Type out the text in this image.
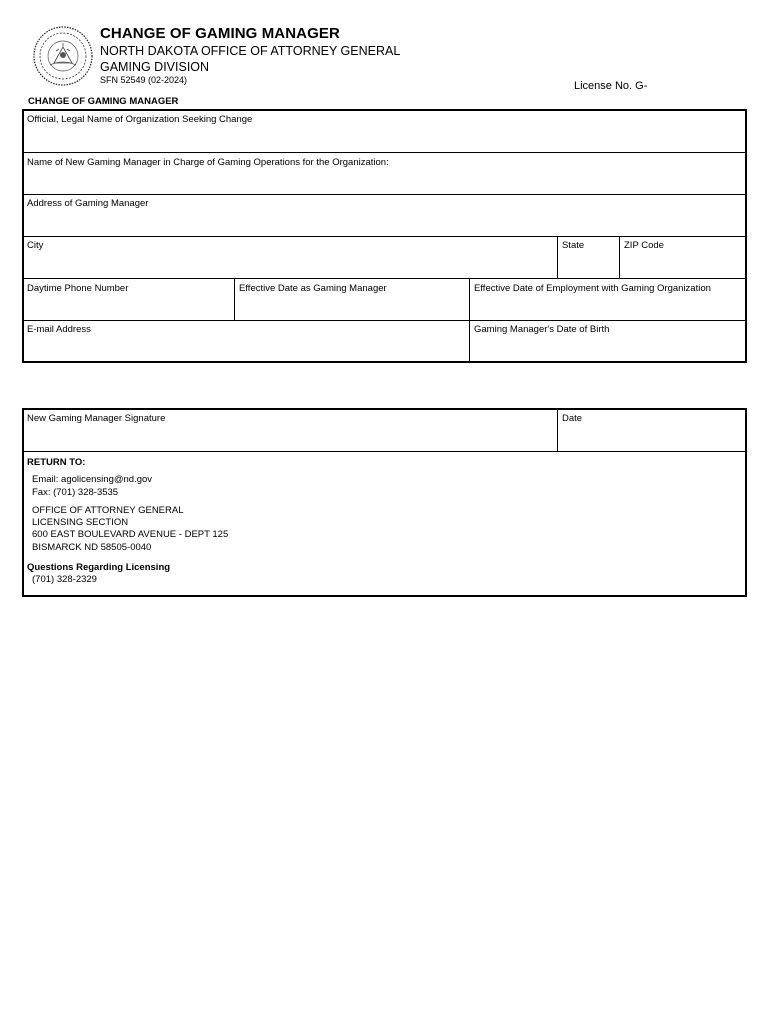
CHANGE OF GAMING MANAGER
NORTH DAKOTA OFFICE OF ATTORNEY GENERAL
GAMING DIVISION
SFN 52549 (02-2024)	License No. G-
CHANGE OF GAMING MANAGER
Official, Legal Name of Organization Seeking Change
Name of New Gaming Manager in Charge of Gaming Operations for the Organization:
Address of Gaming Manager
City	State	ZIP Code
Daytime Phone Number	Effective Date as Gaming Manager	Effective Date of Employment with Gaming Organization
E-mail Address	Gaming Manager's Date of Birth
New Gaming Manager Signature	Date
RETURN TO:
Email: agolicensing@nd.gov
Fax: (701) 328-3535
OFFICE OF ATTORNEY GENERAL
LICENSING SECTION
600 EAST BOULEVARD AVENUE - DEPT 125
BISMARCK ND 58505-0040
Questions Regarding Licensing
(701) 328-2329
